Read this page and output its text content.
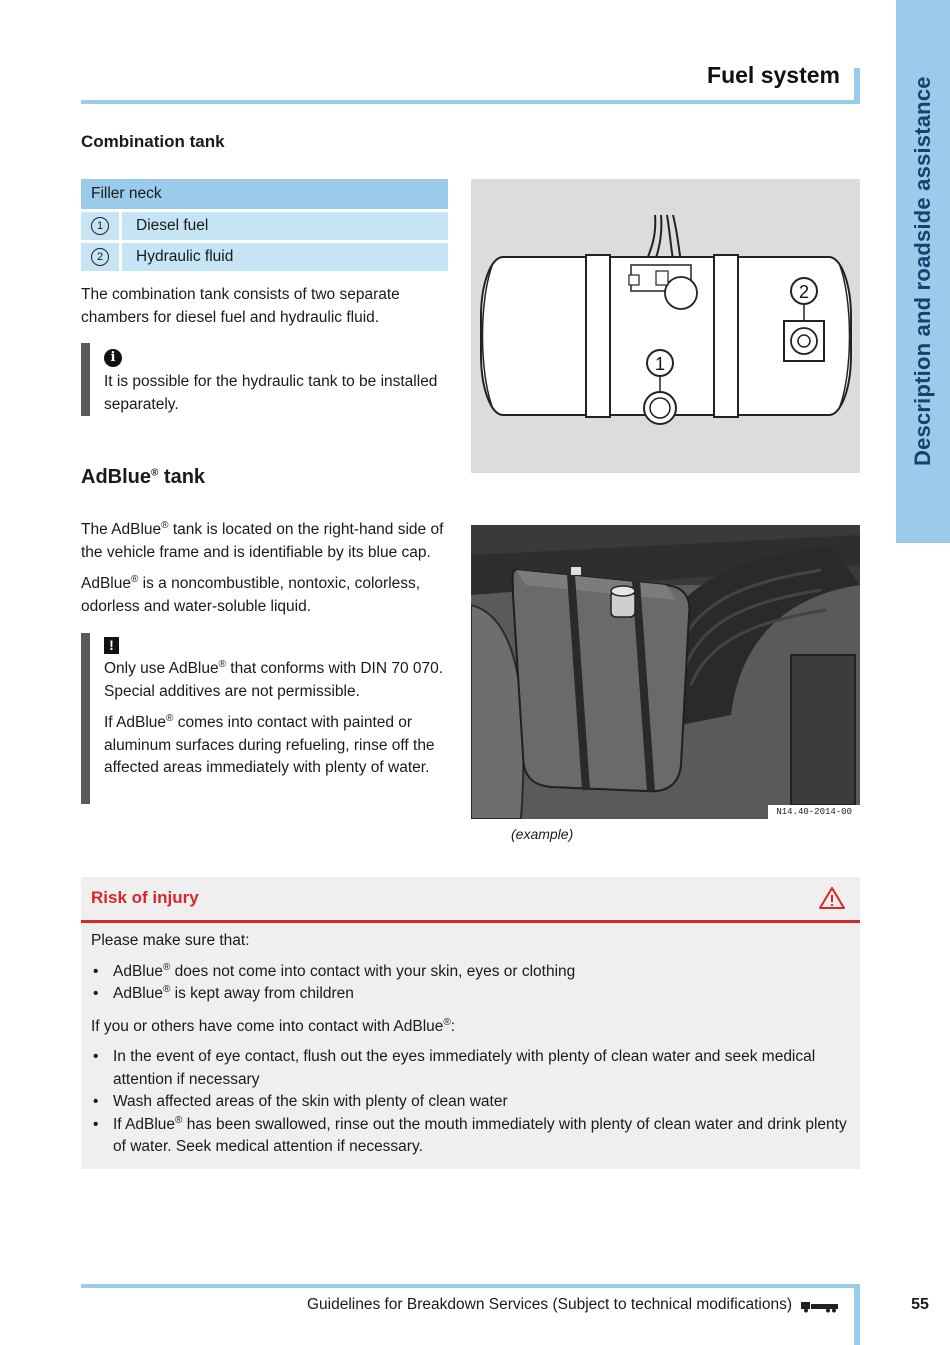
Description and roadside assistance
Fuel system
Combination tank
Filler neck
1	Diesel fuel
2	Hydraulic fluid
The combination tank consists of two separate
chambers for diesel fuel and hydraulic fluid.
i
It is possible for the hydraulic tank to be installed
separately.
AdBlue® tank

The AdBlue® tank is located on the right-hand side of the vehicle frame and is identifiable by its blue cap.

AdBlue® is a noncombustible, nontoxic, colorless, odorless and water-soluble liquid.

!

Only use AdBlue® that conforms with DIN 70 070. Special additives are not permissible.

If AdBlue® comes into contact with painted or aluminum surfaces during refueling, rinse off the affected areas immediately with plenty of water.

1
2
N14.40-2014-00
(example)
Risk of injury

Please make sure that:

• AdBlue® does not come into contact with your skin, eyes or clothing
• AdBlue® is kept away from children

If you or others have come into contact with AdBlue®:

• In the event of eye contact, flush out the eyes immediately with plenty of clean water and seek medical attention if necessary
• Wash affected areas of the skin with plenty of clean water
• If AdBlue® has been swallowed, rinse out the mouth immediately with plenty of clean water and drink plenty of water. Seek medical attention if necessary.
Guidelines for Breakdown Services (Subject to technical modifications)	55
